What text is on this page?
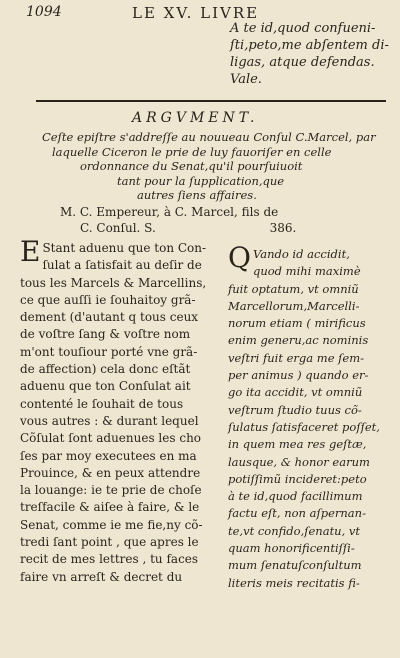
1094	LE XV. LIVRE
A te id,quod confueni-
ſti,peto,me abſentem di-
ligas, atque defendas.
Vale.
ARGVMENT.
Ceſte epiſtre s'addreſſe au nouueau Conſul C.Marcel, par
laquelle Ciceron le prie de luy fauoriſer en celle
ordonnance du Senat,qu'il pourſuiuoit
tant pour la ſupplication,que
autres ſiens affaires.
M. C. Empereur, à C. Marcel, fils de
C. Conſul. S.	386.
E Stant aduenu que ton Con-
ſulat a ſatisfait au deſir de
tous les Marcels & Marcellins,
ce que auſſi ie ſouhaitoy grã-
dement (d'autant q tous ceux
de voſtre ſang & voſtre nom
m'ont touſiour porté vne grã-
de affection) cela donc eſtãt
aduenu que ton Conſulat ait
contenté le ſouhait de tous
vous autres : & durant lequel
Cõſulat ſont aduenues les cho
ſes par moy executees en ma
Prouince, & en peux attendre
la louange: ie te prie de choſe
treſfacile & aiſee à faire, & le
Senat, comme ie me fie,ny cõ-
tredi ſant point , que apres le
recit de mes lettres , tu faces
faire vn arreſt & decret du
Q Vando id accidit,
quod mihi maximè
fuit optatum, vt omniũ
Marcellorum,Marcelli-
norum etiam ( mirificus
enim generu,ac nominis
veſtri fuit erga me ſem-
per animus ) quando er-
go ita accidit, vt omniũ
veſtrum ſtudio tuus cõ-
ſulatus ſatisfaceret poſſet,
in quem mea res geſtæ,
lausque, & honor earum
potiſſimũ incideret:peto
à te id,quod facillimum
factu eſt, non aſpernan-
te,vt confido,ſenatu, vt
quam honorificentiſſi-
mum ſenatuſconſultum
literis meis recitatis fi-
